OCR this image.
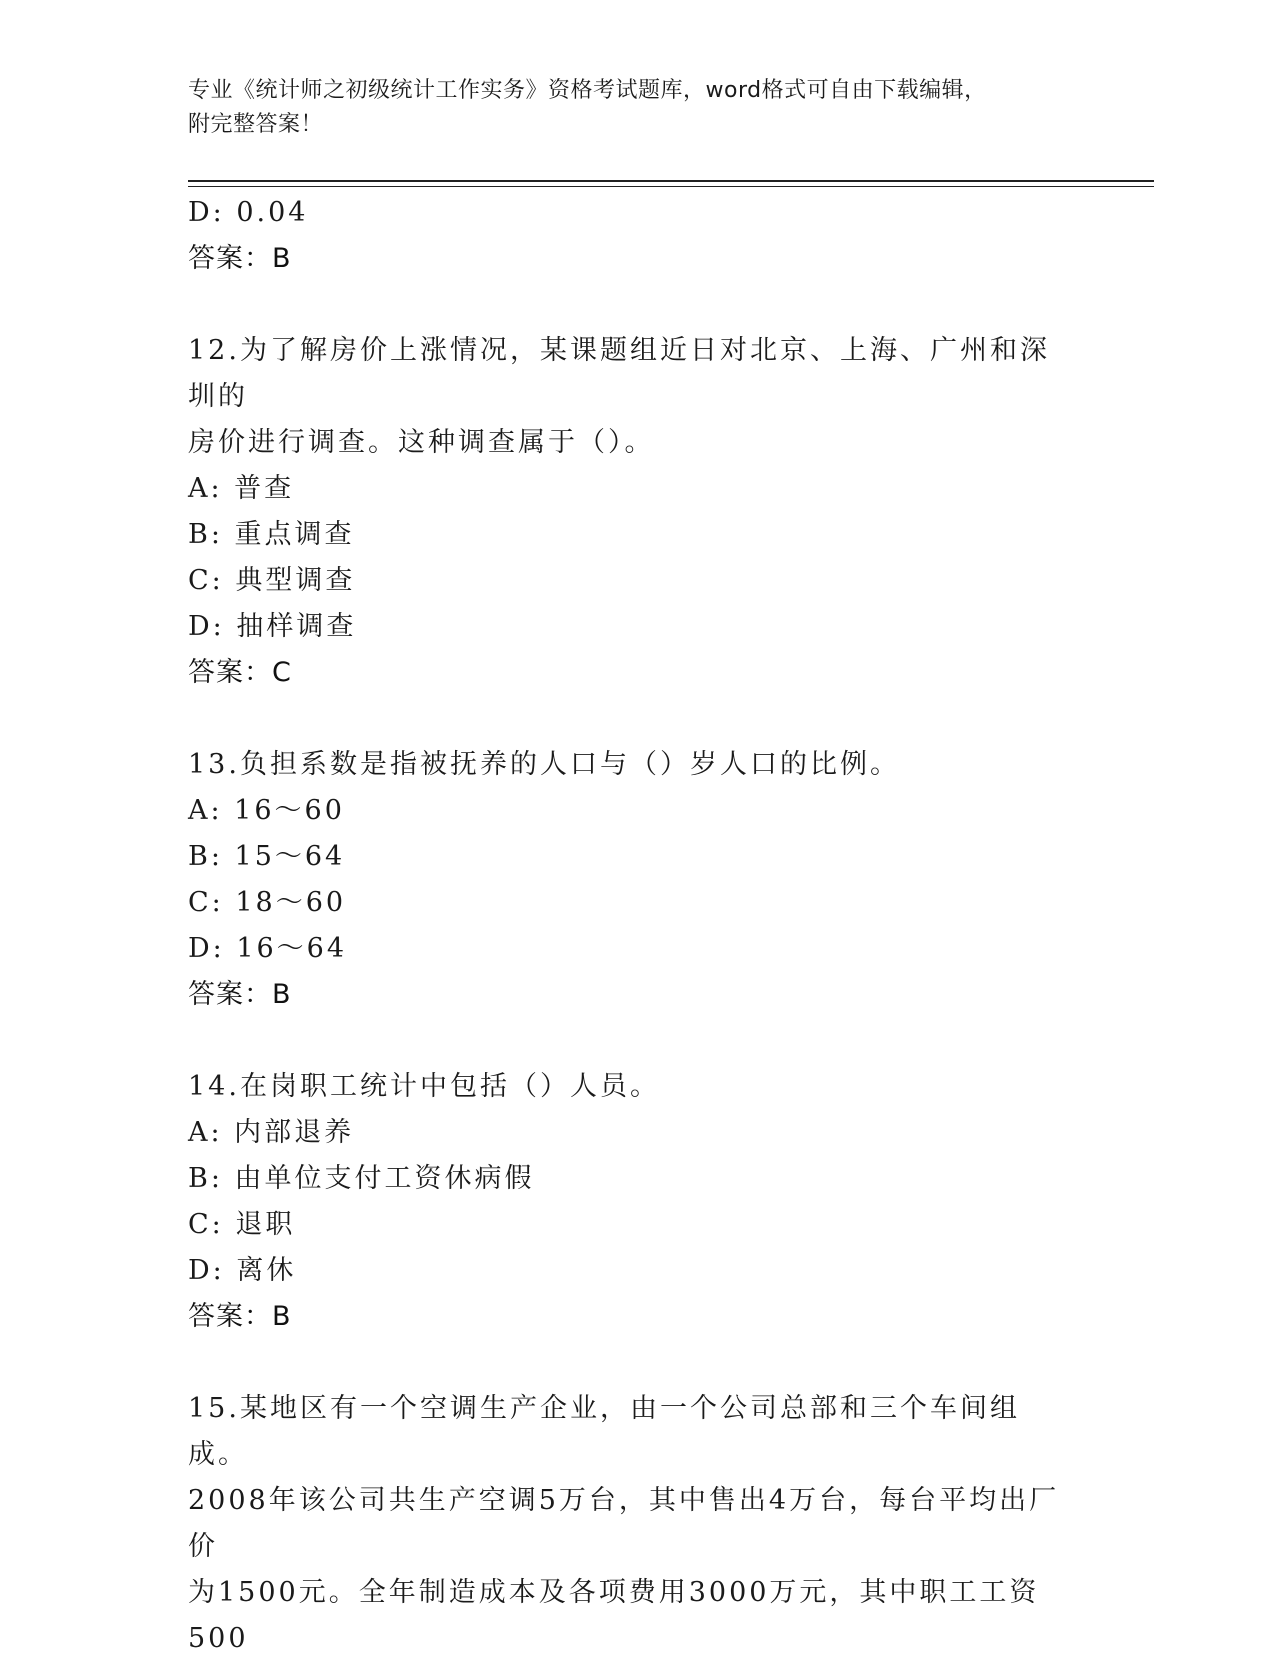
专业《统计师之初级统计工作实务》资格考试题库，word格式可自由下载编辑，
附完整答案！
D: 0.04
答案：B
12.为了解房价上涨情况，某课题组近日对北京、上海、广州和深圳的
房价进行调查。这种调查属于（）。
A: 普查
B: 重点调查
C: 典型调查
D: 抽样调查
答案：C
13.负担系数是指被抚养的人口与（）岁人口的比例。
A: 16～60
B: 15～64
C: 18～60
D: 16～64
答案：B
14.在岗职工统计中包括（）人员。
A: 内部退养
B: 由单位支付工资休病假
C: 退职
D: 离休
答案：B
15.某地区有一个空调生产企业，由一个公司总部和三个车间组成。
2008年该公司共生产空调5万台，其中售出4万台，每台平均出厂价
为1500元。全年制造成本及各项费用3000万元，其中职工工资500
